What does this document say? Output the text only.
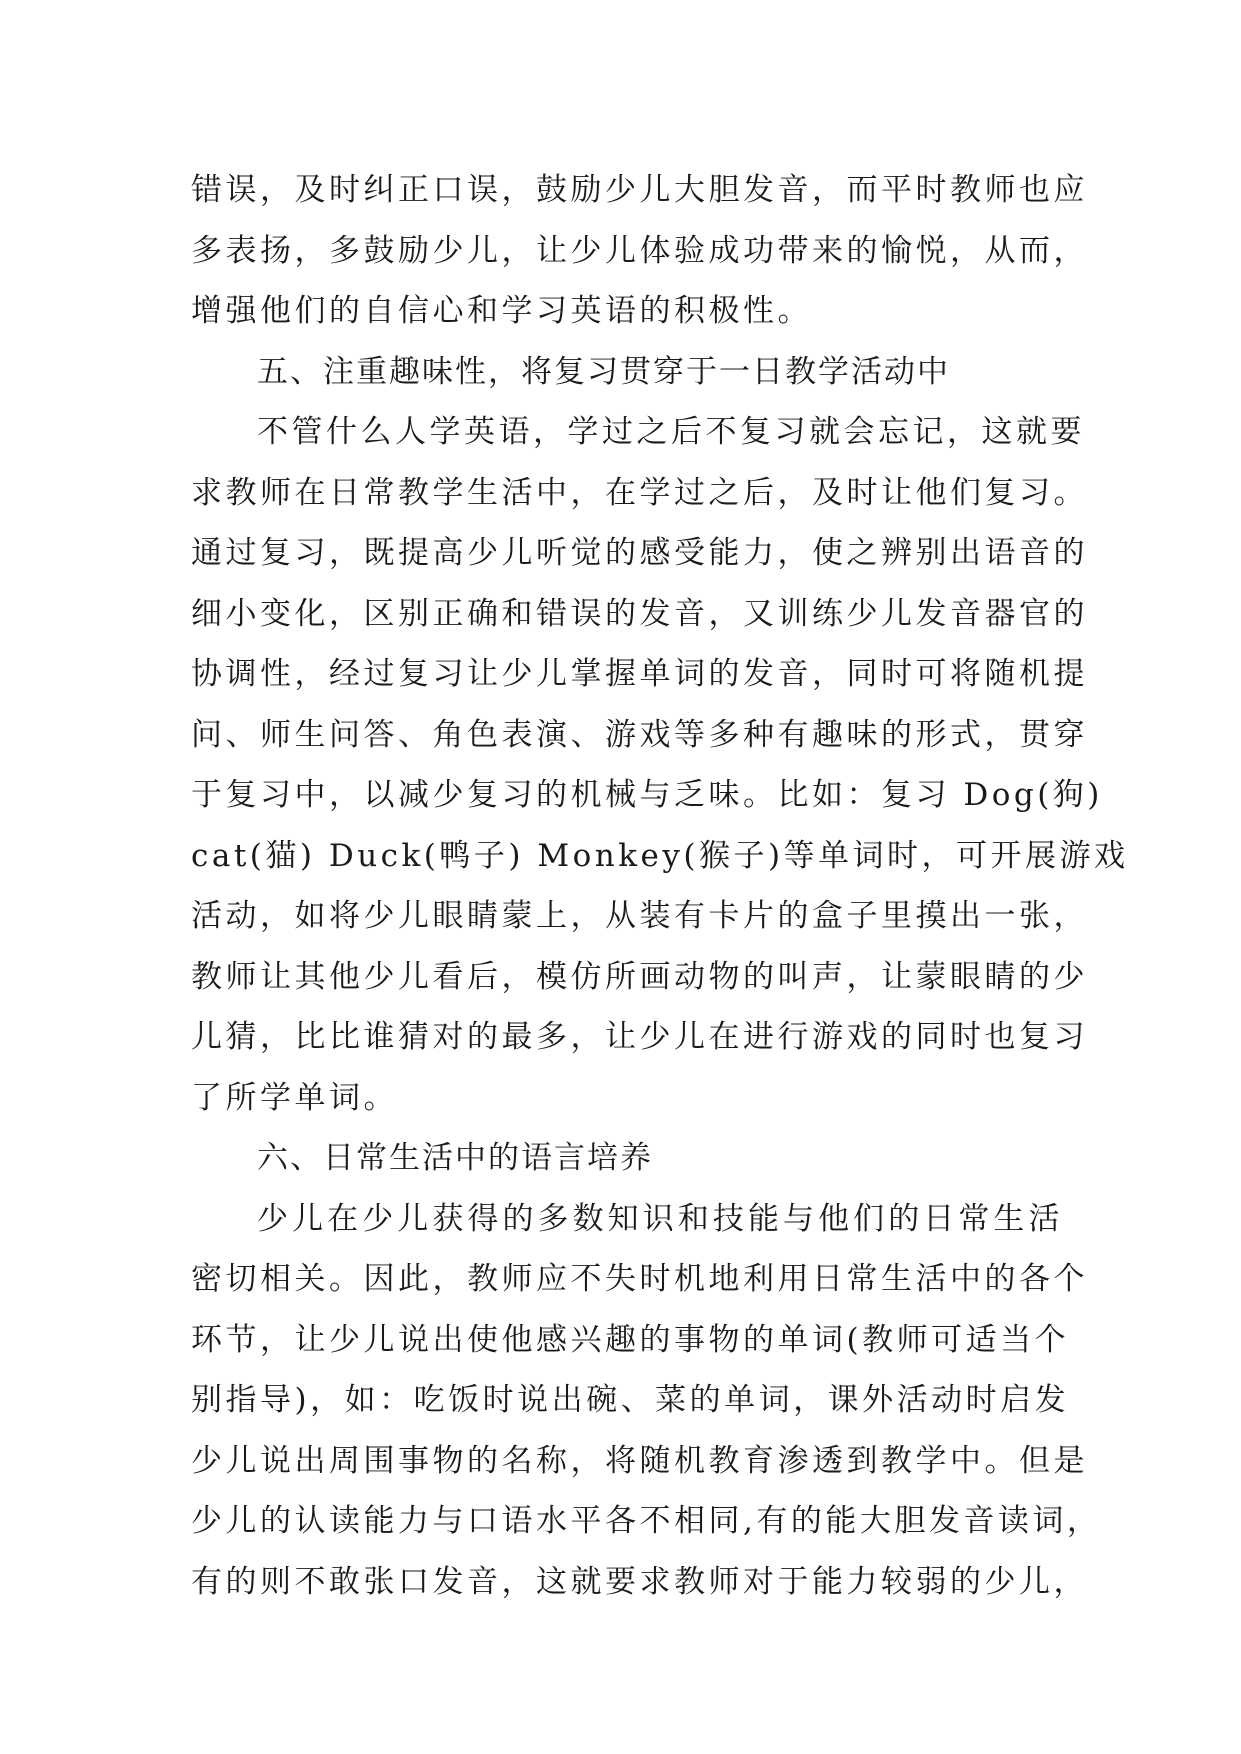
错误，及时纠正口误，鼓励少儿大胆发音，而平时教师也应
多表扬，多鼓励少儿，让少儿体验成功带来的愉悦，从而，
增强他们的自信心和学习英语的积极性。
五、注重趣味性，将复习贯穿于一日教学活动中
不管什么人学英语，学过之后不复习就会忘记，这就要
求教师在日常教学生活中，在学过之后，及时让他们复习。
通过复习，既提高少儿听觉的感受能力，使之辨别出语音的
细小变化，区别正确和错误的发音，又训练少儿发音器官的
协调性，经过复习让少儿掌握单词的发音，同时可将随机提
问、师生问答、角色表演、游戏等多种有趣味的形式，贯穿
于复习中，以减少复习的机械与乏味。比如：复习 Dog(狗)
cat(猫) Duck(鸭子) Monkey(猴子)等单词时，可开展游戏
活动，如将少儿眼睛蒙上，从装有卡片的盒子里摸出一张，
教师让其他少儿看后，模仿所画动物的叫声，让蒙眼睛的少
儿猜，比比谁猜对的最多，让少儿在进行游戏的同时也复习
了所学单词。
六、日常生活中的语言培养
少儿在少儿获得的多数知识和技能与他们的日常生活
密切相关。因此，教师应不失时机地利用日常生活中的各个
环节，让少儿说出使他感兴趣的事物的单词(教师可适当个
别指导)，如：吃饭时说出碗、菜的单词，课外活动时启发
少儿说出周围事物的名称，将随机教育渗透到教学中。但是
少儿的认读能力与口语水平各不相同,有的能大胆发音读词，
有的则不敢张口发音，这就要求教师对于能力较弱的少儿，
